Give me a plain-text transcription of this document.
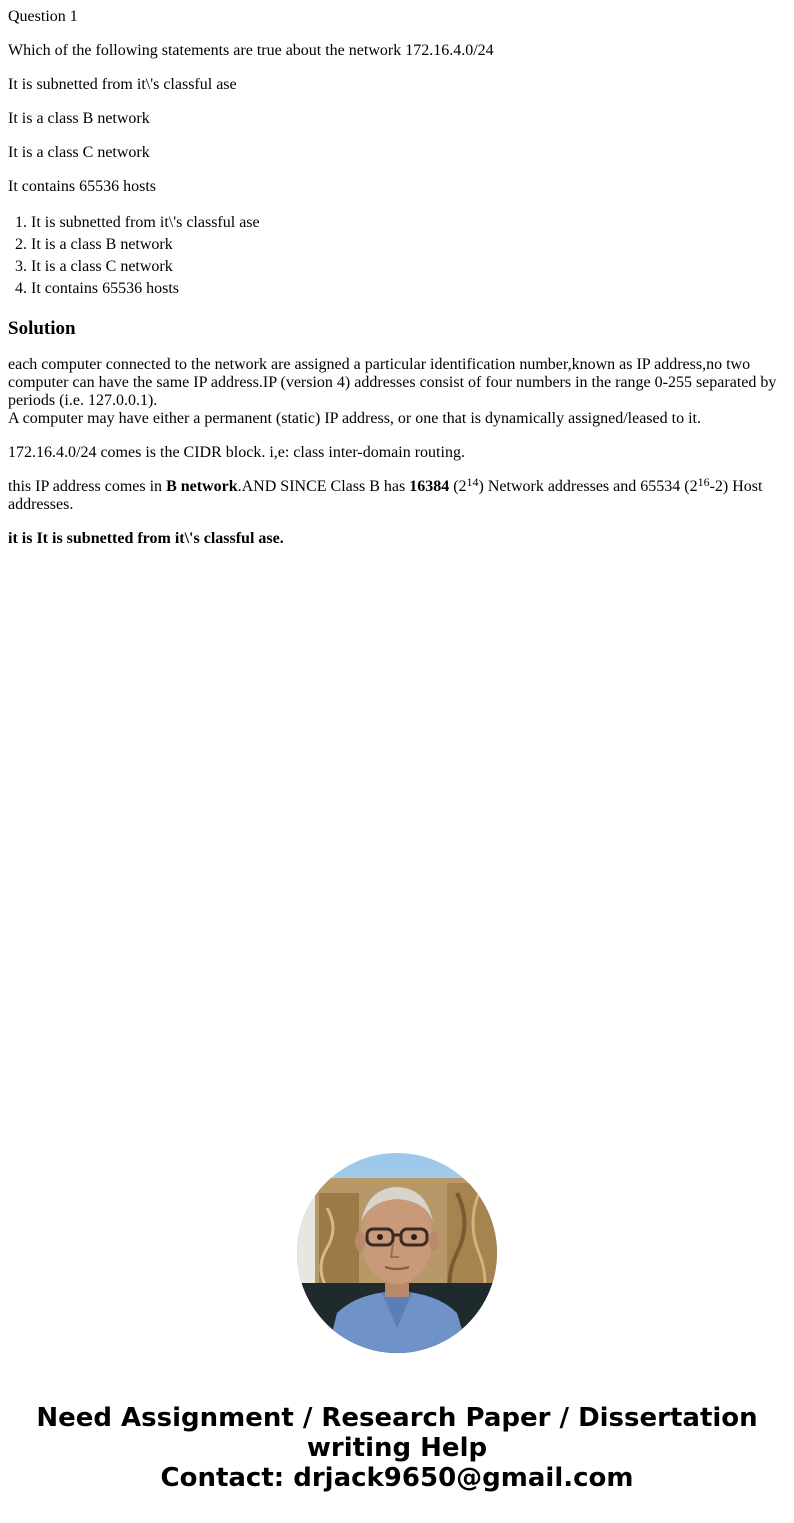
Question 1

Which of the following statements are true about the network 172.16.4.0/24

It is subnetted from it\'s classful ase

It is a class B network

It is a class C network

It contains 65536 hosts

1. It is subnetted from it\'s classful ase
2. It is a class B network
3. It is a class C network
4. It contains 65536 hosts
Solution

each computer connected to the network are assigned a particular identification number,known as IP address,no two computer can have the same IP address.IP (version 4) addresses consist of four numbers in the range 0-255 separated by periods (i.e. 127.0.0.1).
A computer may have either a permanent (static) IP address, or one that is dynamically assigned/leased to it.

172.16.4.0/24 comes is the CIDR block. i,e: class inter-domain routing.

this IP address comes in B network.AND SINCE Class B has 16384 $(2^{14})$ Network addresses and 65534 $(2^{16}-2)$ Host addresses.

it is It is subnetted from it\'s classful ase.

Need Assignment / Research Paper / Dissertation
writing Help
Contact: drjack9650@gmail.com
